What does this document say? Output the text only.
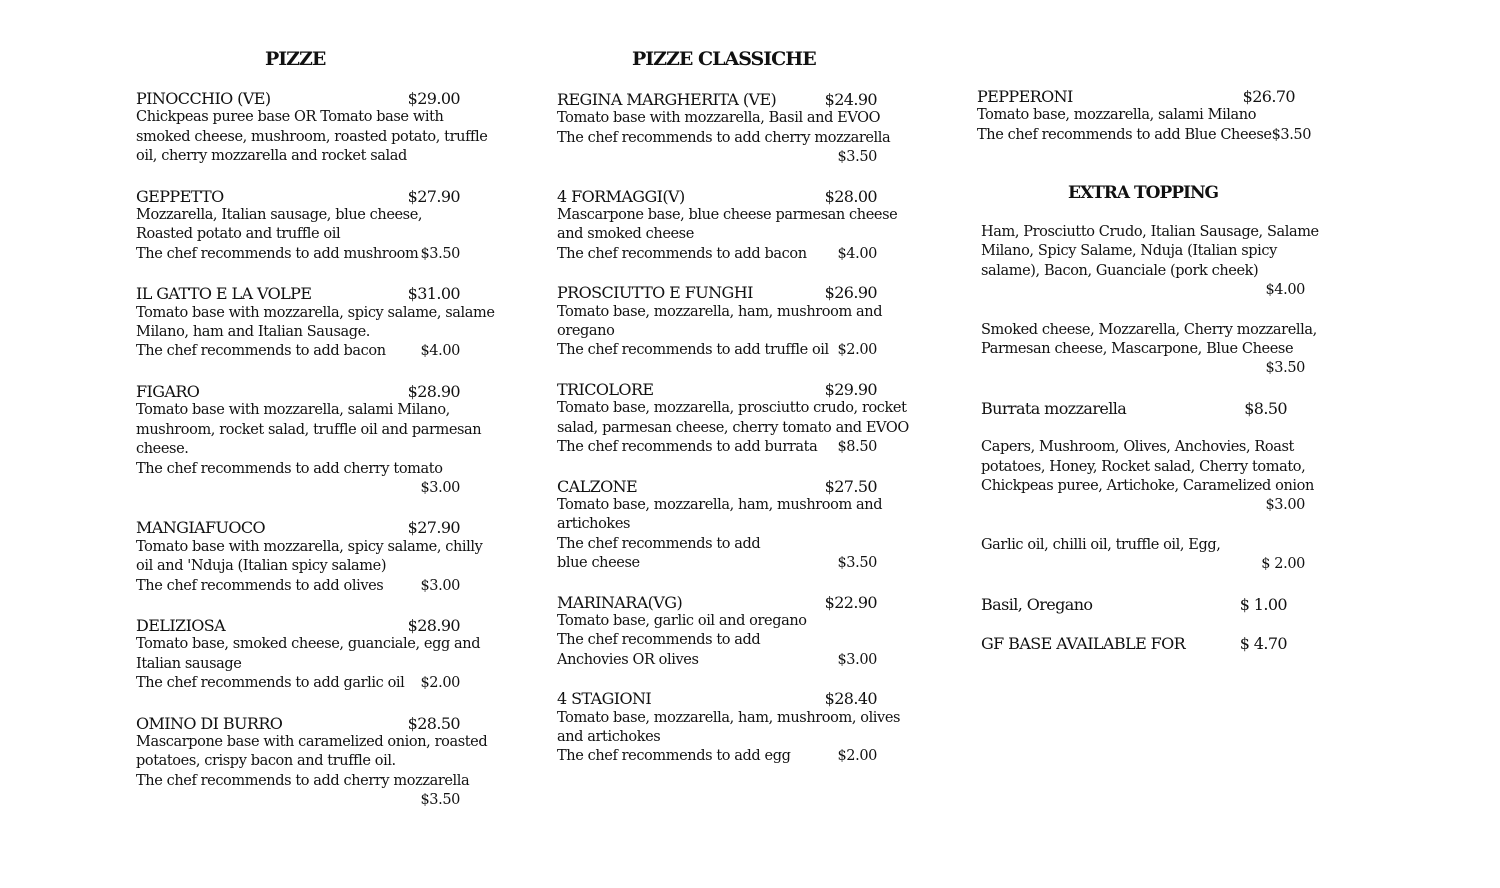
PIZZE	PIZZE CLASSICHE
PINOCCHIO (VE)	$29.00
Chickpeas puree base OR Tomato base with
smoked cheese, mushroom, roasted potato, truffle
oil, cherry mozzarella and rocket salad
GEPPETTO	$27.90
Mozzarella, Italian sausage, blue cheese,
Roasted potato and truffle oil
The chef recommends to add mushroom $3.50
IL GATTO E LA VOLPE	$31.00
Tomato base with mozzarella, spicy salame, salame
Milano, ham and Italian Sausage.
The chef recommends to add bacon $4.00
FIGARO	$28.90
Tomato base with mozzarella, salami Milano,
mushroom, rocket salad, truffle oil and parmesan
cheese.
The chef recommends to add cherry tomato
$3.00
MANGIAFUOCO	$27.90
Tomato base with mozzarella, spicy salame, chilly
oil and 'Nduja (Italian spicy salame)
The chef recommends to add olives	$3.00
DELIZIOSA	$28.90
Tomato base, smoked cheese, guanciale, egg and
Italian sausage
The chef recommends to add garlic oil $2.00
OMINO DI BURRO	$28.50
Mascarpone base with caramelized onion, roasted
potatoes, crispy bacon and truffle oil.
The chef recommends to add cherry mozzarella
$3.50
REGINA MARGHERITA (VE)	$24.90
Tomato base with mozzarella, Basil and EVOO
The chef recommends to add cherry mozzarella
$3.50
4 FORMAGGI(V)	$28.00
Mascarpone base, blue cheese parmesan cheese
and smoked cheese
The chef recommends to add bacon $4.00
PROSCIUTTO E FUNGHI	$26.90
Tomato base, mozzarella, ham, mushroom and
oregano
The chef recommends to add truffle oil $2.00
TRICOLORE	$29.90
Tomato base, mozzarella, prosciutto crudo, rocket
salad, parmesan cheese, cherry tomato and EVOO
The chef recommends to add burrata $8.50
CALZONE	$27.50
Tomato base, mozzarella, ham, mushroom and
artichokes
The chef recommends to add
blue cheese	$3.50
MARINARA(VG)	$22.90
Tomato base, garlic oil and oregano
The chef recommends to add
Anchovies OR olives	$3.00
4 STAGIONI	$28.40
Tomato base, mozzarella, ham, mushroom, olives
and artichokes
The chef recommends to add egg	$2.00
PEPPERONI	$26.70
Tomato base, mozzarella, salami Milano
The chef recommends to add Blue Cheese $3.50
EXTRA TOPPING
Ham, Prosciutto Crudo, Italian Sausage, Salame
Milano, Spicy Salame, Nduja (Italian spicy
salame), Bacon, Guanciale (pork cheek)
$4.00
Smoked cheese, Mozzarella, Cherry mozzarella,
Parmesan cheese, Mascarpone, Blue Cheese
$3.50
Burrata mozzarella	$8.50
Capers, Mushroom, Olives, Anchovies, Roast
potatoes, Honey, Rocket salad, Cherry tomato,
Chickpeas puree, Artichoke, Caramelized onion
$3.00
Garlic oil, chilli oil, truffle oil, Egg,
$ 2.00
Basil, Oregano	$ 1.00
GF BASE AVAILABLE FOR	$ 4.70
